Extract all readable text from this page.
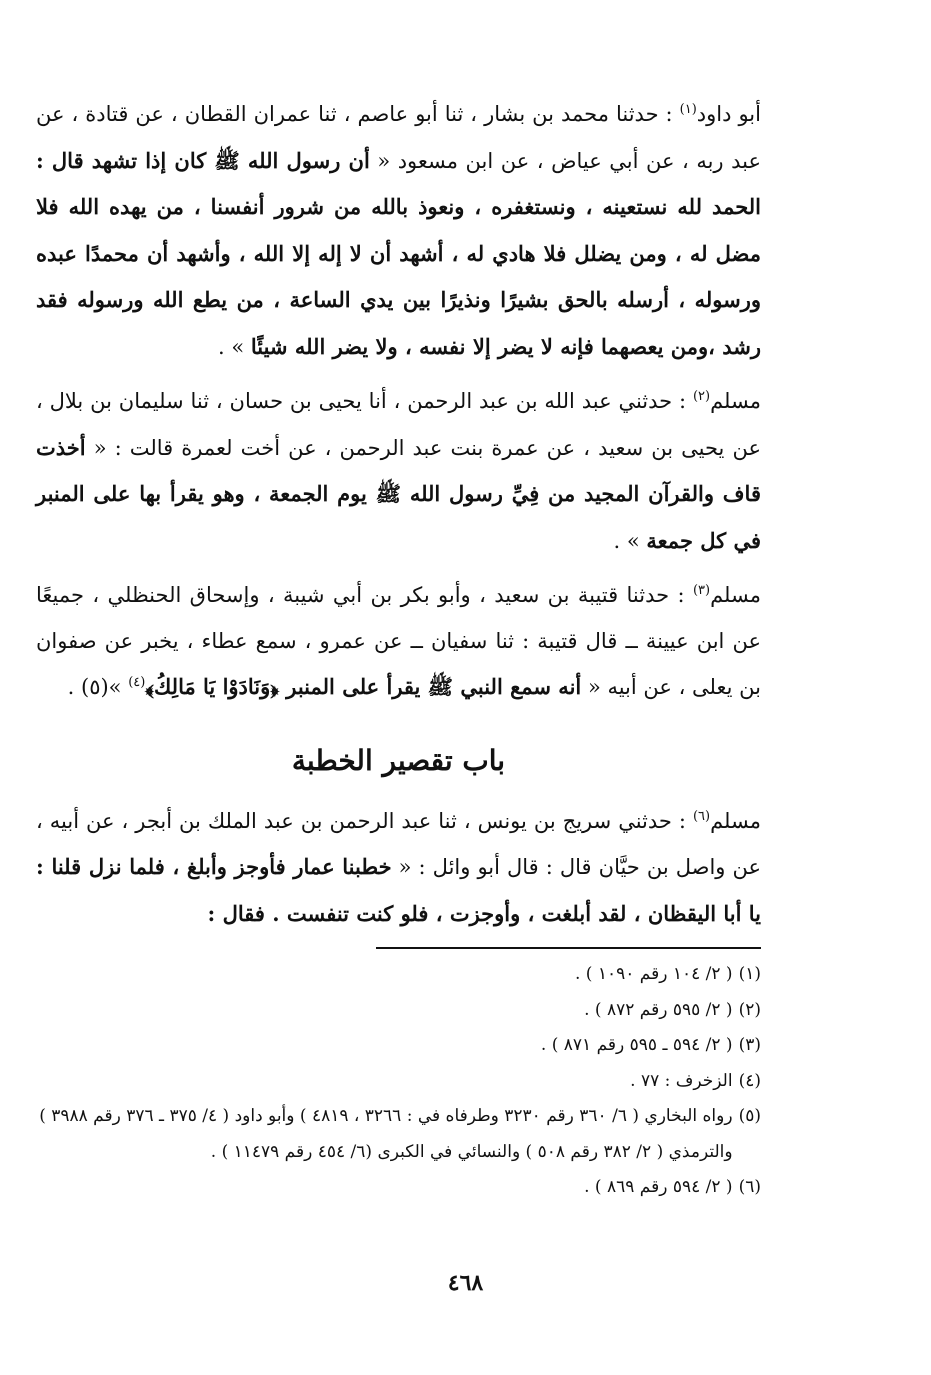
أبو داود$^{(١)}$ : حدثنا محمد بن بشار ، ثنا أبو عاصم ، ثنا عمران القطان ، عن قتادة ، عن عبد ربه ، عن أبي عياض ، عن ابن مسعود « أن رسول الله ﷺ كان إذا تشهد قال : الحمد لله نستعينه ، ونستغفره ، ونعوذ بالله من شرور أنفسنا ، من يهده الله فلا مضل له ، ومن يضلل فلا هادي له ، أشهد أن لا إله إلا الله ، وأشهد أن محمدًا عبده ورسوله ، أرسله بالحق بشيرًا ونذيرًا بين يدي الساعة ، من يطع الله ورسوله فقد رشد ،ومن يعصهما فإنه لا يضر إلا نفسه ، ولا يضر الله شيئًا » .

مسلم$^{(٢)}$ : حدثني عبد الله بن عبد الرحمن ، أنا يحيى بن حسان ، ثنا سليمان بن بلال ، عن يحيى بن سعيد ، عن عمرة بنت عبد الرحمن ، عن أخت لعمرة قالت : « أخذت قاف والقرآن المجيد من فِيِّ رسول الله ﷺ يوم الجمعة ، وهو يقرأ بها على المنبر في كل جمعة » .

مسلم$^{(٣)}$ : حدثنا قتيبة بن سعيد ، وأبو بكر بن أبي شيبة ، وإسحاق الحنظلي ، جميعًا عن ابن عيينة ــ قال قتيبة : ثنا سفيان ــ عن عمرو ، سمع عطاء ، يخبر عن صفوان بن يعلى ، عن أبيه « أنه سمع النبي ﷺ يقرأ على المنبر ﴿وَنَادَوْا يَا مَالِكُ﴾$^{(٤)}$ »(٥) .

باب تقصير الخطبة

مسلم$^{(٦)}$ : حدثني سريج بن يونس ، ثنا عبد الرحمن بن عبد الملك بن أبجر ، عن أبيه ، عن واصل بن حيَّان قال : قال أبو وائل : « خطبنا عمار فأوجز وأبلغ ، فلما نزل قلنا : يا أبا اليقظان ، لقد أبلغت ، وأوجزت ، فلو كنت تنفست . فقال :

(١)
( ٢/ ١٠٤ رقم ١٠٩٠ ) .
(٢)
( ٢/ ٥٩٥ رقم ٨٧٢ ) .
(٣)
( ٢/ ٥٩٤ ـ ٥٩٥ رقم ٨٧١ ) .
(٤)
الزخرف : ٧٧ .
(٥)
رواه البخاري ( ٦/ ٣٦٠ رقم ٣٢٣٠ وطرفاه في : ٣٢٦٦ ، ٤٨١٩ ) وأبو داود ( ٤/ ٣٧٥ ـ ٣٧٦ رقم ٣٩٨٨ ) والترمذي ( ٢/ ٣٨٢ رقم ٥٠٨ ) والنسائي في الكبرى (٦/ ٤٥٤ رقم ١١٤٧٩ ) .
(٦)
( ٢/ ٥٩٤ رقم ٨٦٩ ) .
٤٦٨
